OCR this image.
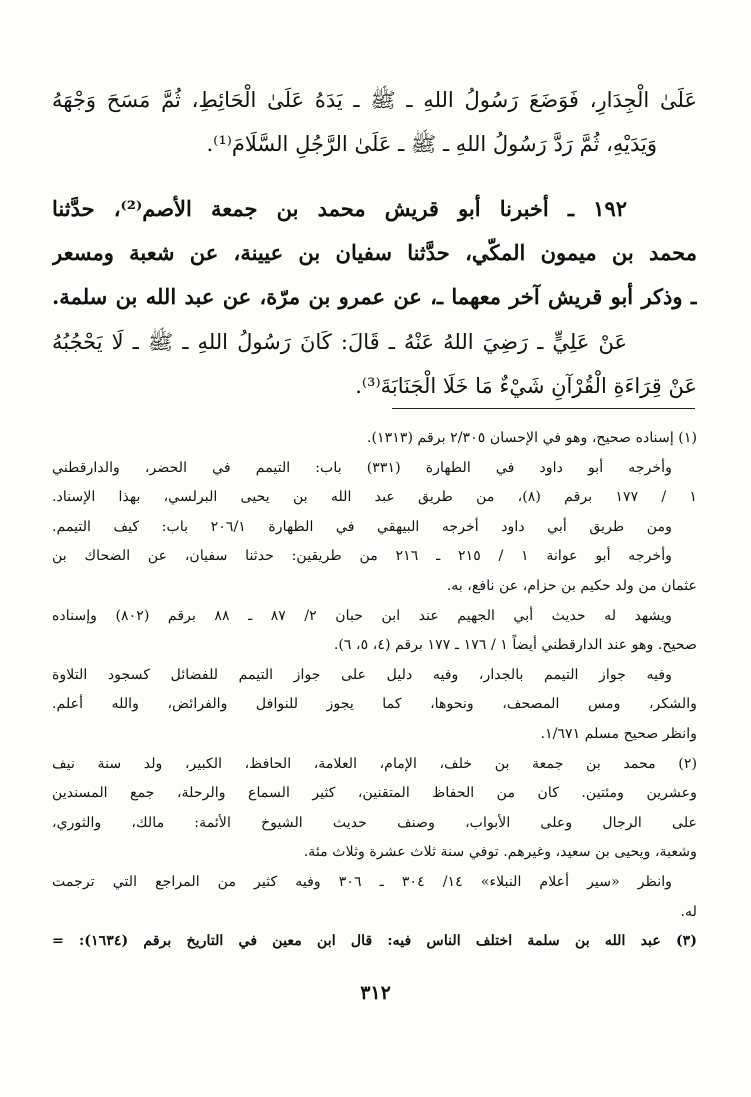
عَلَىٰ الْجِدَارِ، فَوَضَعَ رَسُولُ اللهِ ـ ﷺ ـ يَدَهُ عَلَىٰ الْحَائِطِ، ثُمَّ مَسَحَ وَجْهَهُ
وَيَدَيْهِ، ثُمَّ رَدَّ رَسُولُ اللهِ ـ ﷺ ـ عَلَىٰ الرَّجُلِ السَّلَامَ⁽¹⁾.
١٩٢ ـ أخبرنا أبو قريش محمد بن جمعة الأصم⁽²⁾، حدَّثنا
محمد بن ميمون المكّي، حدَّثنا سفيان بن عيينة، عن شعبة ومسعر
ـ وذكر أبو قريش آخر معهما ـ، عن عمرو بن مرّة، عن عبد الله بن سلمة.
عَنْ عَلِيٍّ ـ رَضِيَ اللهُ عَنْهُ ـ قَالَ: كَانَ رَسُولُ اللهِ ـ ﷺ ـ لَا يَحْجُبُهُ
عَنْ قِرَاءَةِ الْقُرْآنِ شَيْءٌ مَا خَلَا الْجَنَابَةَ⁽³⁾.
(١) إسناده صحيح، وهو في الإحسان ٢/٣٠٥ برقم (١٣١٣).
وأخرجه أبو داود في الطهارة (٣٣١) باب: التيمم في الحضر، والدارقطني
١ / ١٧٧ برقم (٨)، من طريق عبد الله بن يحيى البرلسي، بهذا الإسناد.
ومن طريق أبي داود أخرجه البيهقي في الطهارة ٢٠٦/١ باب: كيف التيمم.
وأخرجه أبو عوانة ١ / ٢١٥ ـ ٢١٦ من طريقين: حدثنا سفيان، عن الضحاك بن
عثمان من ولد حكيم بن حزام، عن نافع، به.
ويشهد له حديث أبي الجهيم عند ابن حبان ٢/ ٨٧ ـ ٨٨ برقم (٨٠٢) وإسناده
صحيح. وهو عند الدارقطني أيضاً ١ / ١٧٦ ـ ١٧٧ برقم (٤، ٥، ٦).
وفيه جواز التيمم بالجدار، وفيه دليل على جواز التيمم للفضائل كسجود التلاوة
والشكر، ومس المصحف، ونحوها، كما يجوز للنوافل والفرائض، والله أعلم.
وانظر صحيح مسلم ١/٦٧١.
(٢) محمد بن جمعة بن خلف، الإمام، العلامة، الحافظ، الكبير، ولد سنة نيف
وعشرين ومئتين. كان من الحفاظ المتقنين، كثير السماع والرحلة، جمع المسندين
على الرجال وعلى الأبواب، وصنف حديث الشيوخ الأئمة: مالك، والثوري،
وشعبة، ويحيى بن سعيد، وغيرهم. توفي سنة ثلاث عشرة وثلاث مئة.
وانظر «سير أعلام النبلاء» ١٤/ ٣٠٤ ـ ٣٠٦ وفيه كثير من المراجع التي ترجمت
له.
(٣) عبد الله بن سلمة اختلف الناس فيه: قال ابن معين في التاريخ برقم (١٦٣٤): =
٣١٢
